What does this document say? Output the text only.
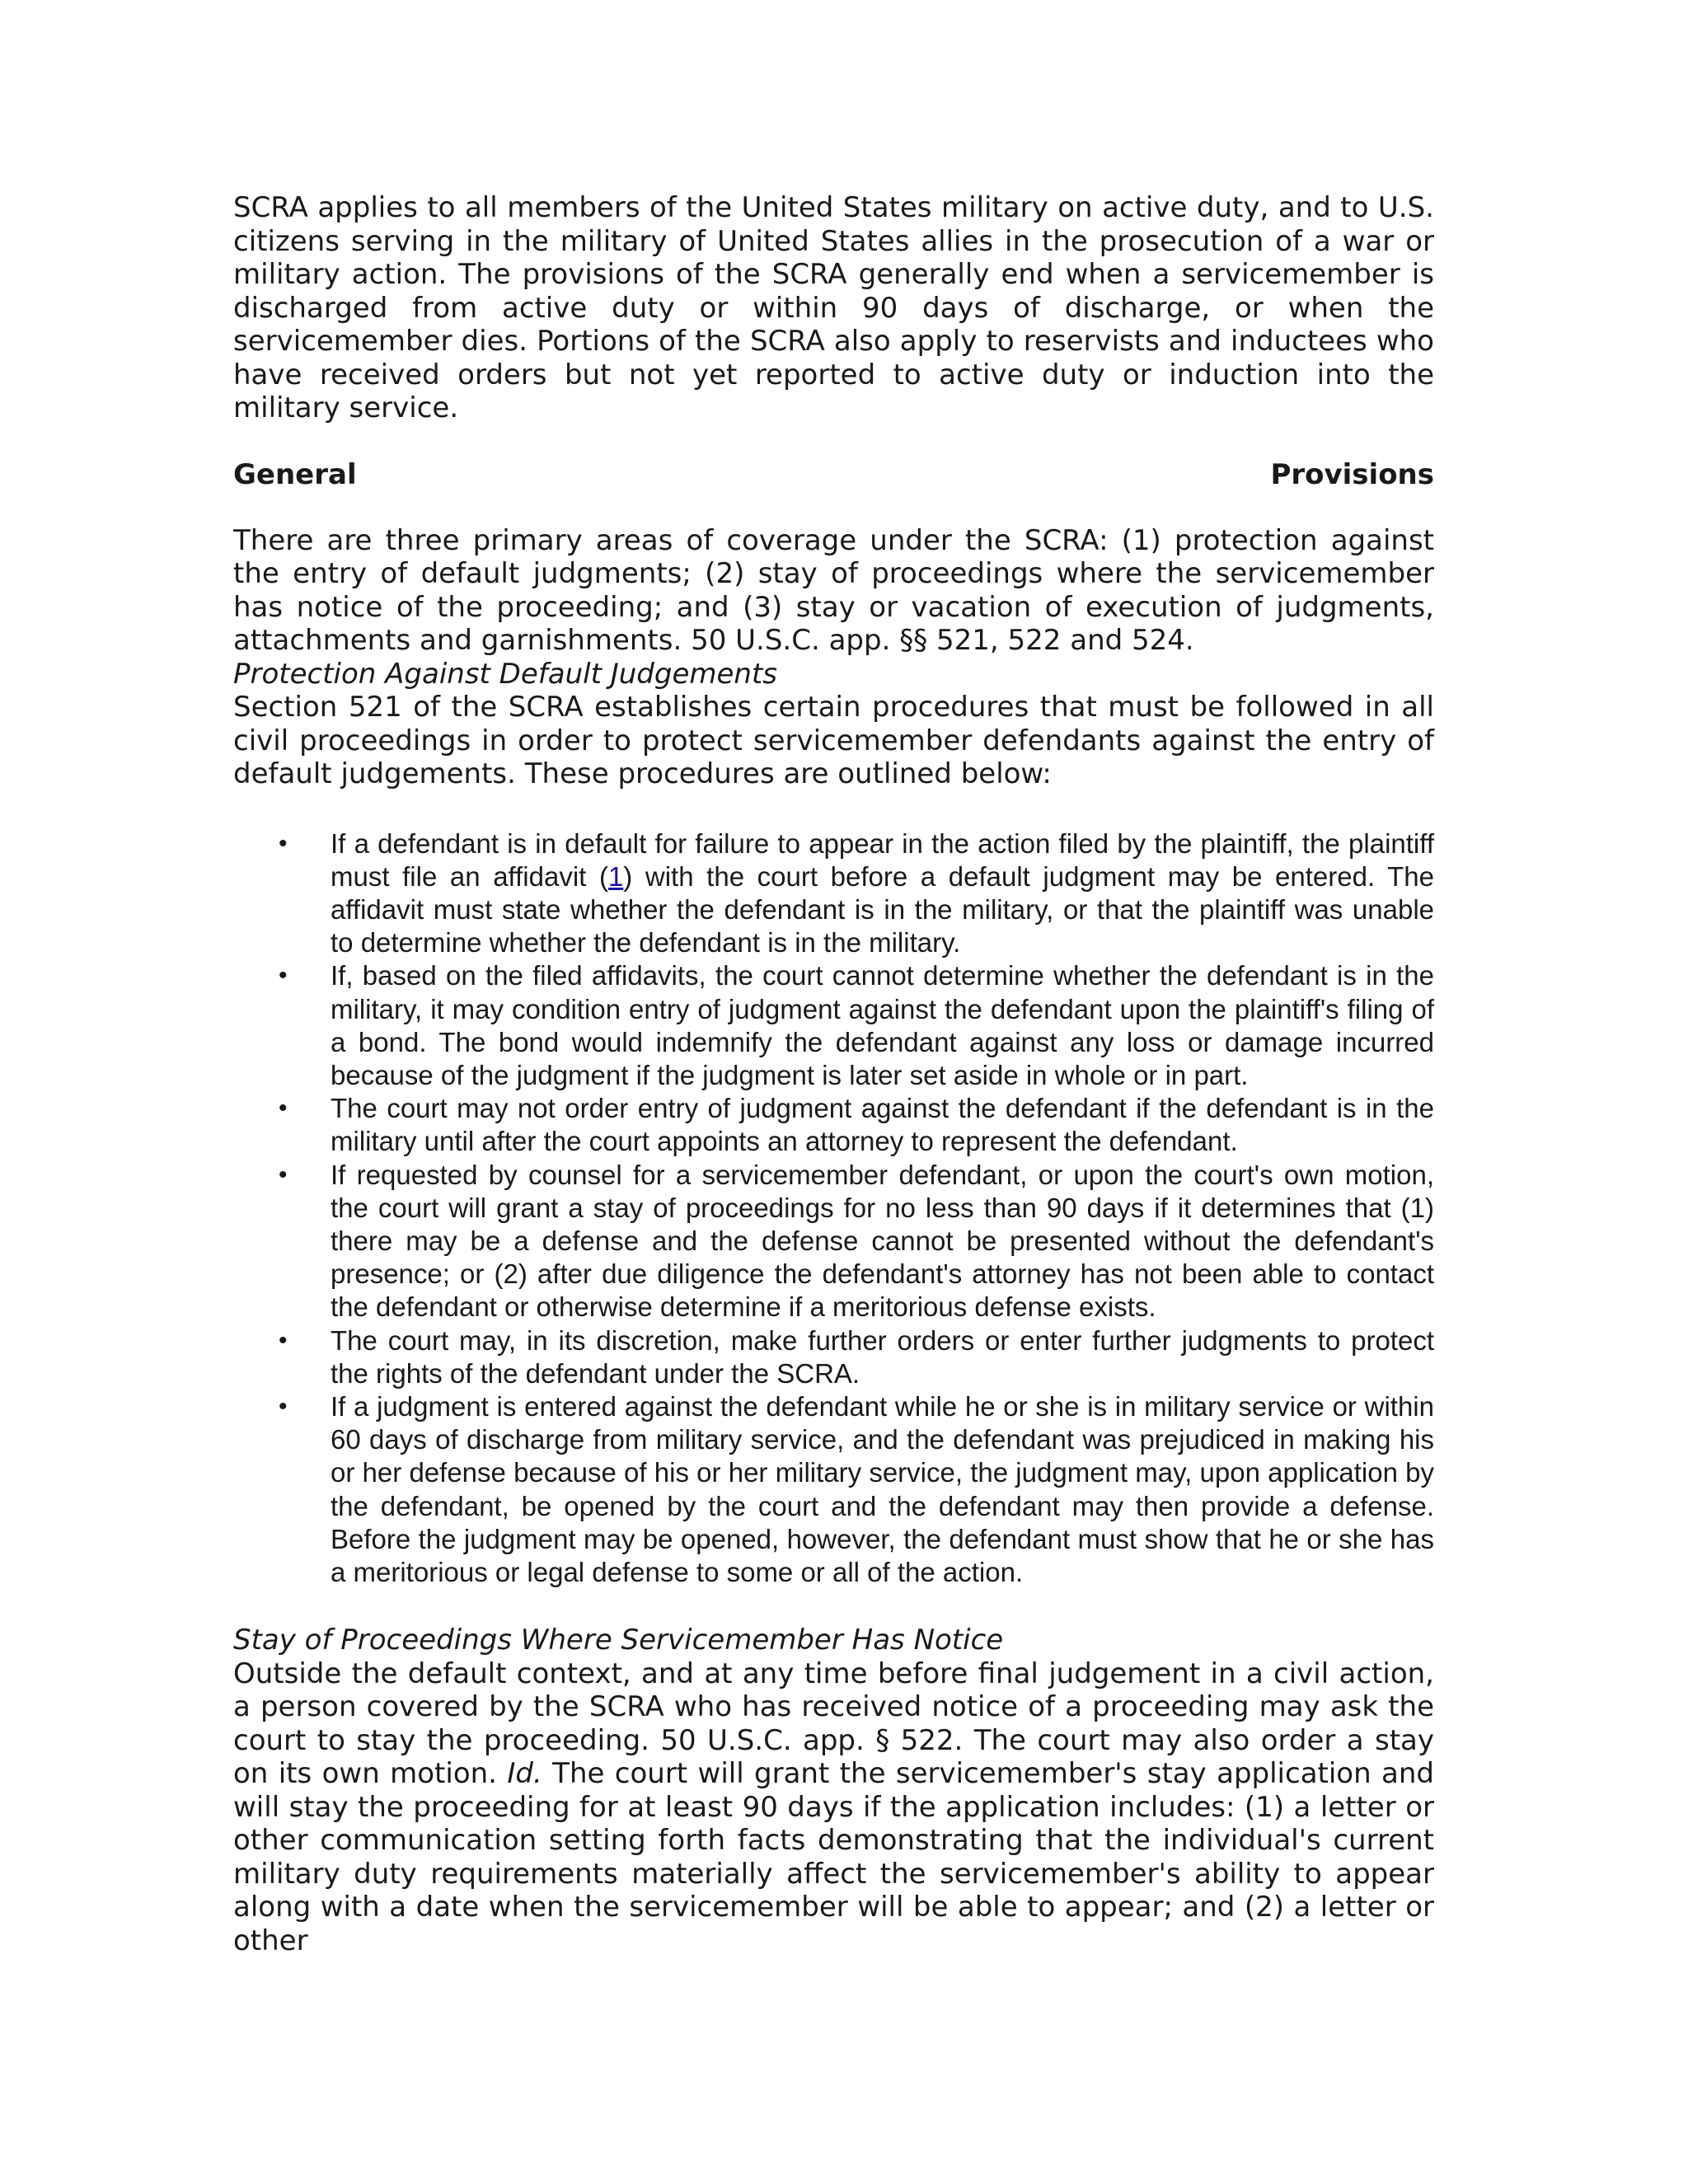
SCRA applies to all members of the United States military on active duty, and to U.S. citizens serving in the military of United States allies in the prosecution of a war or military action. The provisions of the SCRA generally end when a servicemember is discharged from active duty or within 90 days of discharge, or when the servicemember dies. Portions of the SCRA also apply to reservists and inductees who have received orders but not yet reported to active duty or induction into the military service.

General	Provisions

There are three primary areas of coverage under the SCRA: (1) protection against the entry of default judgments; (2) stay of proceedings where the servicemember has notice of the proceeding; and (3) stay or vacation of execution of judgments, attachments and garnishments. 50 U.S.C. app. §§ 521, 522 and 524.

Protection Against Default Judgements

Section 521 of the SCRA establishes certain procedures that must be followed in all civil proceedings in order to protect servicemember defendants against the entry of default judgements. These procedures are outlined below:

• If a defendant is in default for failure to appear in the action filed by the plaintiff, the plaintiff must file an affidavit (1) with the court before a default judgment may be entered. The affidavit must state whether the defendant is in the military, or that the plaintiff was unable to determine whether the defendant is in the military.
• If, based on the filed affidavits, the court cannot determine whether the defendant is in the military, it may condition entry of judgment against the defendant upon the plaintiff's filing of a bond. The bond would indemnify the defendant against any loss or damage incurred because of the judgment if the judgment is later set aside in whole or in part.
• The court may not order entry of judgment against the defendant if the defendant is in the military until after the court appoints an attorney to represent the defendant.
• If requested by counsel for a servicemember defendant, or upon the court's own motion, the court will grant a stay of proceedings for no less than 90 days if it determines that (1) there may be a defense and the defense cannot be presented without the defendant's presence; or (2) after due diligence the defendant's attorney has not been able to contact the defendant or otherwise determine if a meritorious defense exists.
• The court may, in its discretion, make further orders or enter further judgments to protect the rights of the defendant under the SCRA.
• If a judgment is entered against the defendant while he or she is in military service or within 60 days of discharge from military service, and the defendant was prejudiced in making his or her defense because of his or her military service, the judgment may, upon application by the defendant, be opened by the court and the defendant may then provide a defense. Before the judgment may be opened, however, the defendant must show that he or she has a meritorious or legal defense to some or all of the action.

Stay of Proceedings Where Servicemember Has Notice

Outside the default context, and at any time before final judgement in a civil action, a person covered by the SCRA who has received notice of a proceeding may ask the court to stay the proceeding. 50 U.S.C. app. § 522. The court may also order a stay on its own motion. Id. The court will grant the servicemember's stay application and will stay the proceeding for at least 90 days if the application includes: (1) a letter or other communication setting forth facts demonstrating that the individual's current military duty requirements materially affect the servicemember's ability to appear along with a date when the servicemember will be able to appear; and (2) a letter or other
